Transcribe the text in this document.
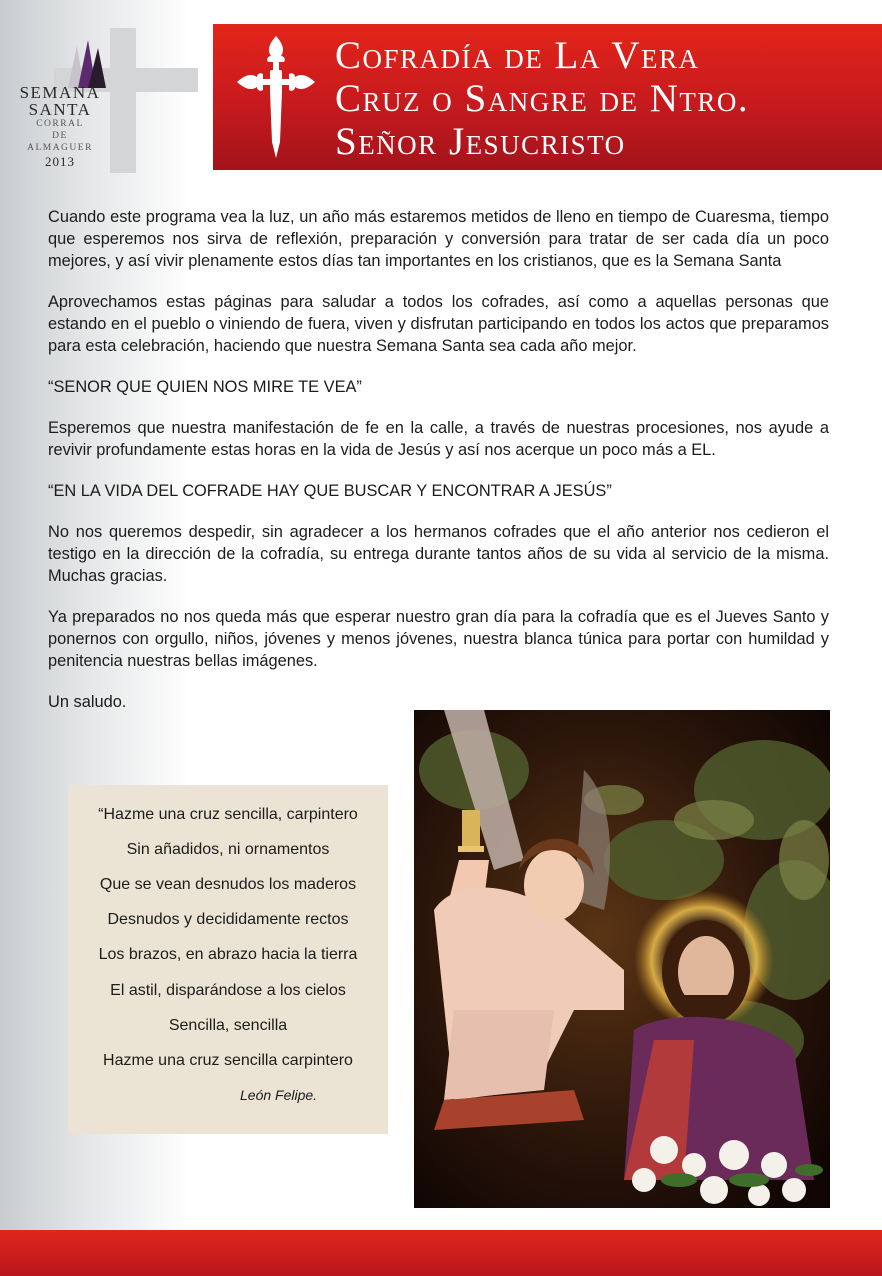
SEMANA
SANTA
CORRAL
DE
ALMAGUER
2013
Cofradía de La Vera
Cruz o Sangre de Ntro.
Señor Jesucristo

Cuando este programa vea la luz, un año más estaremos metidos de lleno en tiempo de Cuaresma, tiempo que esperemos nos sirva de reflexión, preparación y conversión para tratar de ser cada día un poco mejores, y así vivir plenamente estos días tan importantes en los cristianos, que es la Semana Santa

Aprovechamos estas páginas para saludar a todos los cofrades, así como a aquellas personas que estando en el pueblo o viniendo de fuera, viven y disfrutan participando en todos los actos que preparamos para esta celebración, haciendo que nuestra Semana Santa sea cada año mejor.

“SENOR QUE QUIEN NOS MIRE TE VEA”

Esperemos que nuestra manifestación de fe en la calle, a través de nuestras procesiones, nos ayude a revivir profundamente estas horas en la vida de Jesús y así nos acerque un poco más a EL.

“EN LA VIDA DEL COFRADE HAY QUE BUSCAR Y ENCONTRAR A JESÚS”

No nos queremos despedir, sin agradecer a los hermanos cofrades que el año anterior nos cedieron el testigo en la dirección de la cofradía, su entrega durante tantos años de su vida al servicio de la misma. Muchas gracias.

Ya preparados no nos queda más que esperar nuestro gran día para la cofradía que es el Jueves Santo y ponernos con orgullo, niños, jóvenes y menos jóvenes, nuestra blanca túnica para portar con humildad y penitencia nuestras bellas imágenes.

Un saludo.

“Hazme una cruz sencilla, carpintero
Sin añadidos, ni ornamentos
Que se vean desnudos los maderos
Desnudos y decididamente rectos
Los brazos, en abrazo hacia la tierra
El astil, disparándose a los cielos
Sencilla, sencilla
Hazme una cruz sencilla carpintero
León Felipe.
